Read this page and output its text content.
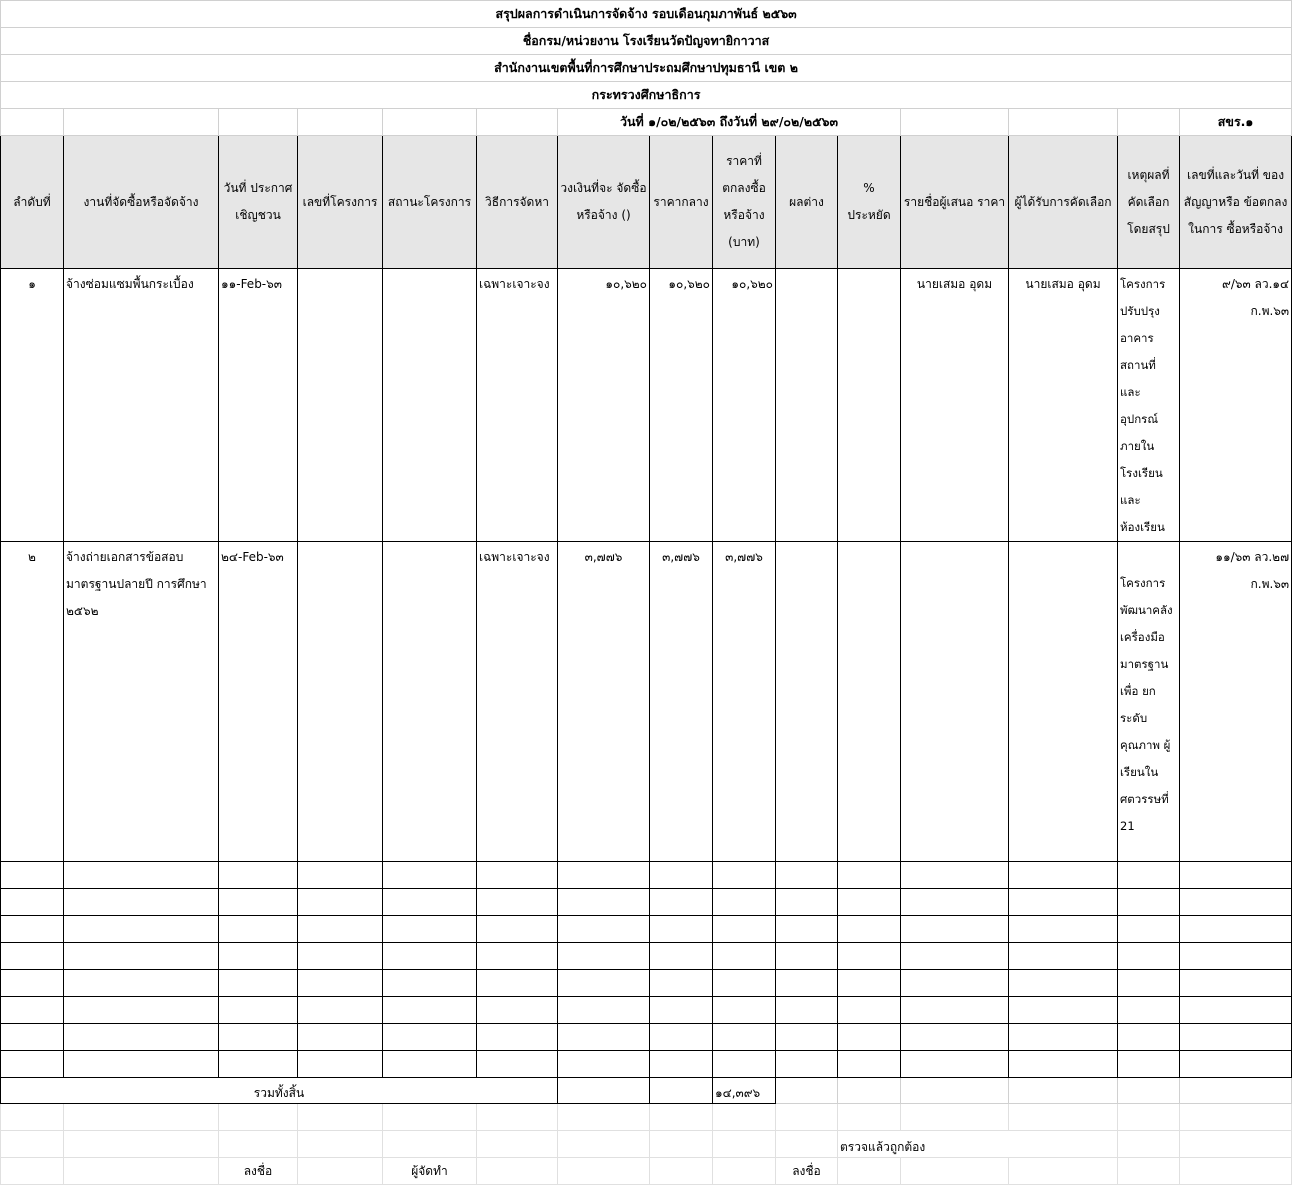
สรุปผลการดำเนินการจัดจ้าง รอบเดือนกุมภาพันธ์ ๒๕๖๓														
ชื่อกรม/หน่วยงาน โรงเรียนวัดปัญจทายิกาวาส														
สำนักงานเขตพื้นที่การศึกษาประถมศึกษาปทุมธานี เขต ๒														
กระทรวงศึกษาธิการ														
						วันที่ ๑/๐๒/๒๕๖๓ ถึงวันที่ ๒๙/๐๒/๒๕๖๓								สขร.๑
ลำดับที่	งานที่จัดซื้อหรือจัดจ้าง	วันที่ ประกาศ เชิญชวน	เลขที่โครงการ	สถานะโครงการ	วิธีการจัดหา	วงเงินที่จะ จัดซื้อหรือจ้าง ()	ราคากลาง	ราคาที่ ตกลงซื้อ หรือจ้าง (บาท)	ผลต่าง	% ประหยัด	รายชื่อผู้เสนอ ราคา	ผู้ได้รับการคัดเลือก	เหตุผลที่ คัดเลือก โดยสรุป	เลขที่และวันที่ ของสัญญาหรือ ข้อตกลงในการ ซื้อหรือจ้าง
๑	จ้างซ่อมแซมพื้นกระเบื้อง	๑๑-Feb-๖๓			เฉพาะเจาะจง	๑๐,๖๒๐	๑๐,๖๒๐	๑๐,๖๒๐			นายเสมอ อุดม	นายเสมอ อุดม	โครงการ ปรับปรุง อาคาร สถานที่ และ อุปกรณ์ ภายใน โรงเรียน และ ห้องเรียน	๙/๖๓ ลว.๑๔ ก.พ.๖๓
๒	จ้างถ่ายเอกสารข้อสอบ มาตรฐานปลายปี การศึกษา ๒๕๖๒	๒๔-Feb-๖๓			เฉพาะเจาะจง	๓,๗๗๖	๓,๗๗๖	๓,๗๗๖					โครงการ พัฒนาคลัง เครื่องมือ มาตรฐาน เพื่อ ยกระดับ คุณภาพ ผู้เรียนใน ศตวรรษที่ 21	๑๑/๖๓ ลว.๒๗ ก.พ.๖๓

รวมทั้งสิ้น								๑๔,๓๙๖						

										ตรวจแล้วถูกต้อง				
		ลงชื่อ		ผู้จัดทำ					ลงชื่อ					
